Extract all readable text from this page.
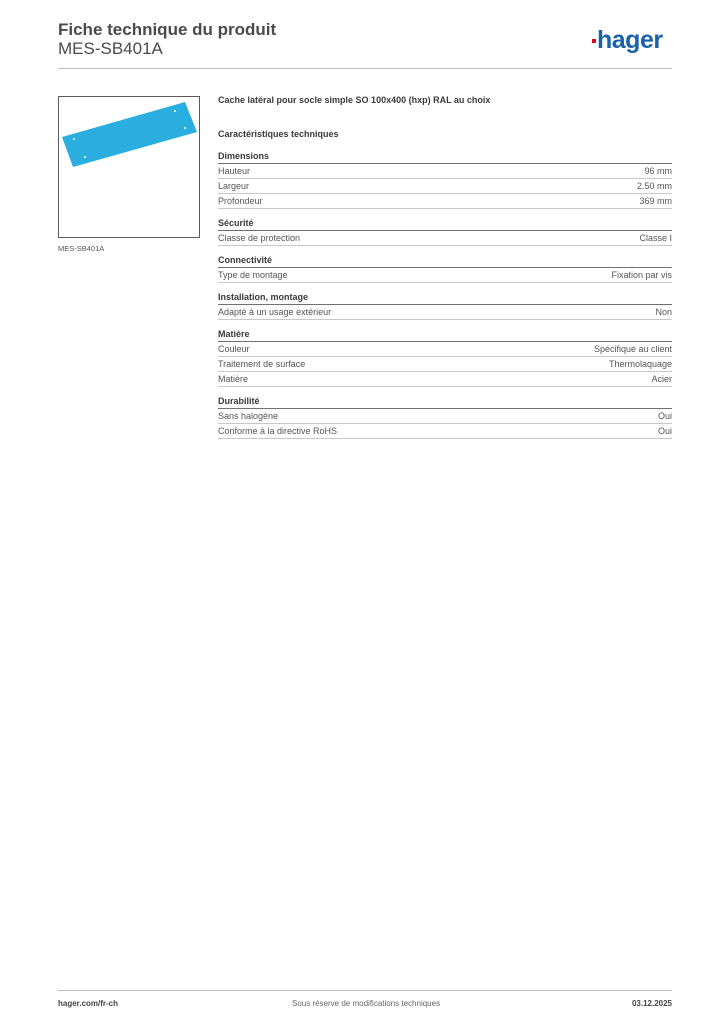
Fiche technique du produit
MES-SB401A	hager
MES-SB401A
Cache latéral pour socle simple SO 100x400 (hxp) RAL au choix
Caractéristiques techniques
Dimensions
Hauteur	96 mm
Largeur	2.50 mm
Profondeur	369 mm
Sécurité
Classe de protection	Classe I
Connectivité
Type de montage	Fixation par vis
Installation, montage
Adapté à un usage extérieur	Non
Matière
Couleur	Spécifique au client
Traitement de surface	Thermolaquage
Matière	Acier
Durabilité
Sans halogène	Oui
Conforme à la directive RoHS	Oui
hager.com/fr-ch	Sous réserve de modifications techniques	03.12.2025
